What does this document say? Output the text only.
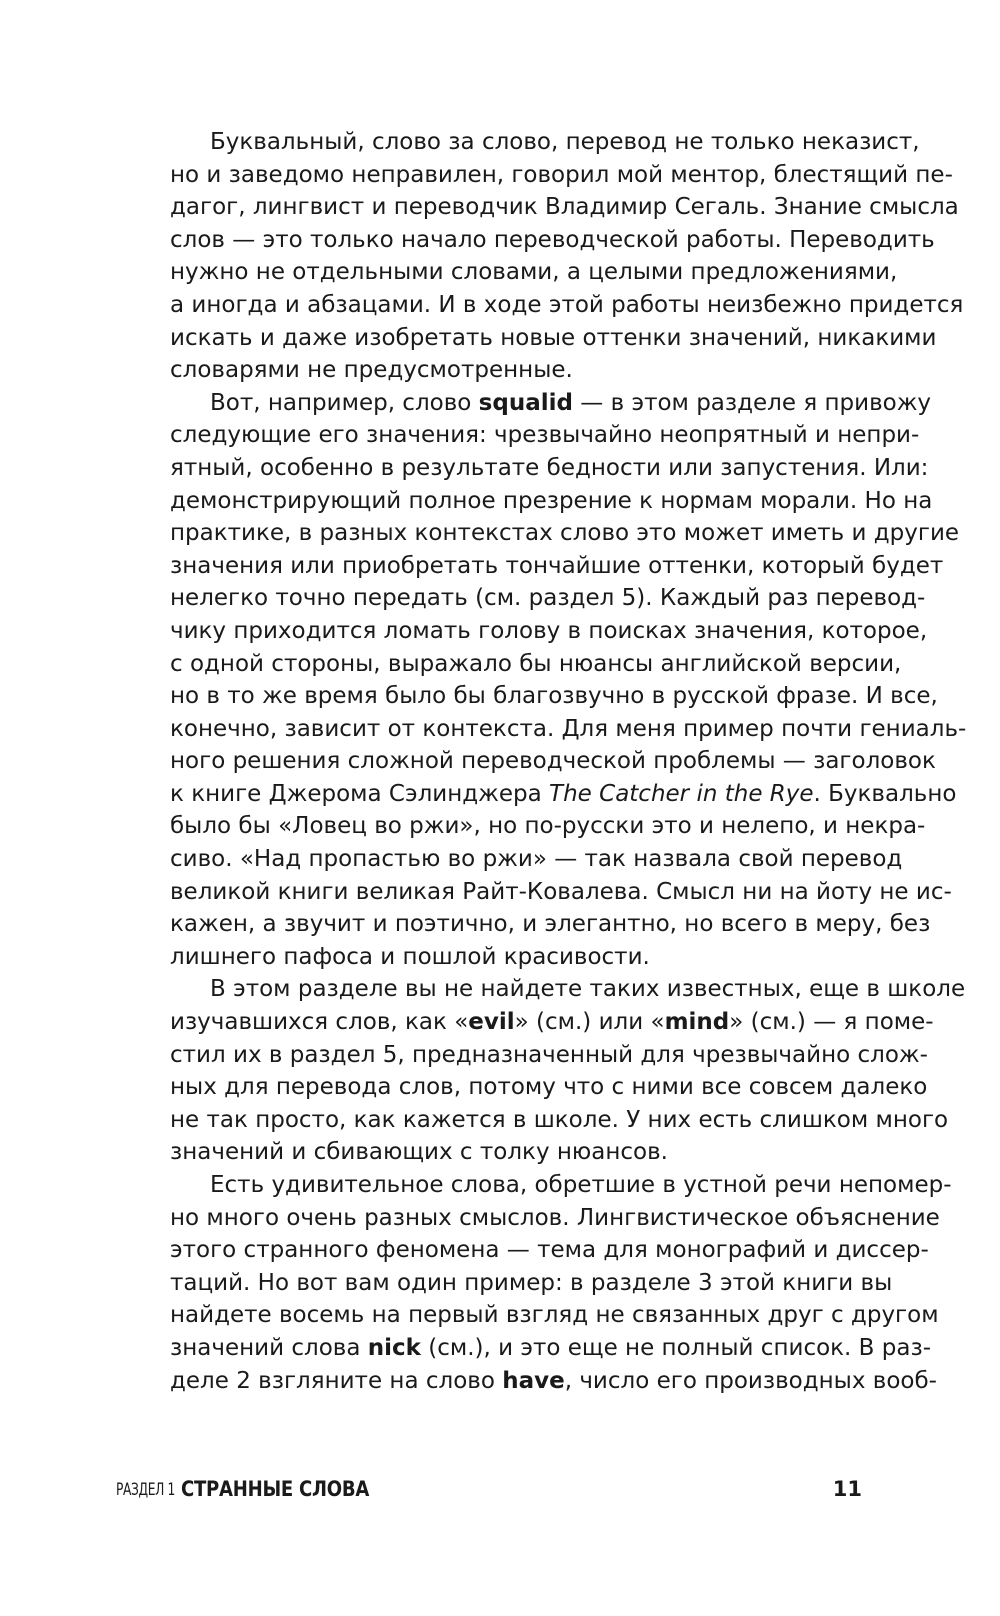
Буквальный, слово за слово, перевод не только неказист,
но и заведомо неправилен, говорил мой ментор, блестящий пе-
дагог, лингвист и переводчик Владимир Сегаль. Знание смысла
слов — это только начало переводческой работы. Переводить
нужно не отдельными словами, а целыми предложениями,
а иногда и абзацами. И в ходе этой работы неизбежно придется
искать и даже изобретать новые оттенки значений, никакими
словарями не предусмотренные.
Вот, например, слово squalid — в этом разделе я привожу
следующие его значения: чрезвычайно неопрятный и непри-
ятный, особенно в результате бедности или запустения. Или:
демонстрирующий полное презрение к нормам морали. Но на
практике, в разных контекстах слово это может иметь и другие
значения или приобретать тончайшие оттенки, который будет
нелегко точно передать (см. раздел 5). Каждый раз перевод-
чику приходится ломать голову в поисках значения, которое,
с одной стороны, выражало бы нюансы английской версии,
но в то же время было бы благозвучно в русской фразе. И все,
конечно, зависит от контекста. Для меня пример почти гениаль-
ного решения сложной переводческой проблемы — заголовок
к книге Джерома Сэлинджера The Catcher in the Rye. Буквально
было бы «Ловец во ржи», но по-русски это и нелепо, и некра-
сиво. «Над пропастью во ржи» — так назвала свой перевод
великой книги великая Райт-Ковалева. Смысл ни на йоту не ис-
кажен, а звучит и поэтично, и элегантно, но всего в меру, без
лишнего пафоса и пошлой красивости.
В этом разделе вы не найдете таких известных, еще в школе
изучавшихся слов, как «evil» (см.) или «mind» (см.) — я поме-
стил их в раздел 5, предназначенный для чрезвычайно слож-
ных для перевода слов, потому что с ними все совсем далеко
не так просто, как кажется в школе. У них есть слишком много
значений и сбивающих с толку нюансов.
Есть удивительное слова, обретшие в устной речи непомер-
но много очень разных смыслов. Лингвистическое объяснение
этого странного феномена — тема для монографий и диссер-
таций. Но вот вам один пример: в разделе 3 этой книги вы
найдете восемь на первый взгляд не связанных друг с другом
значений слова nick (см.), и это еще не полный список. В раз-
деле 2 взгляните на слово have, число его производных вооб-
РАЗДЕЛ 1 СТРАННЫЕ СЛОВА	11
